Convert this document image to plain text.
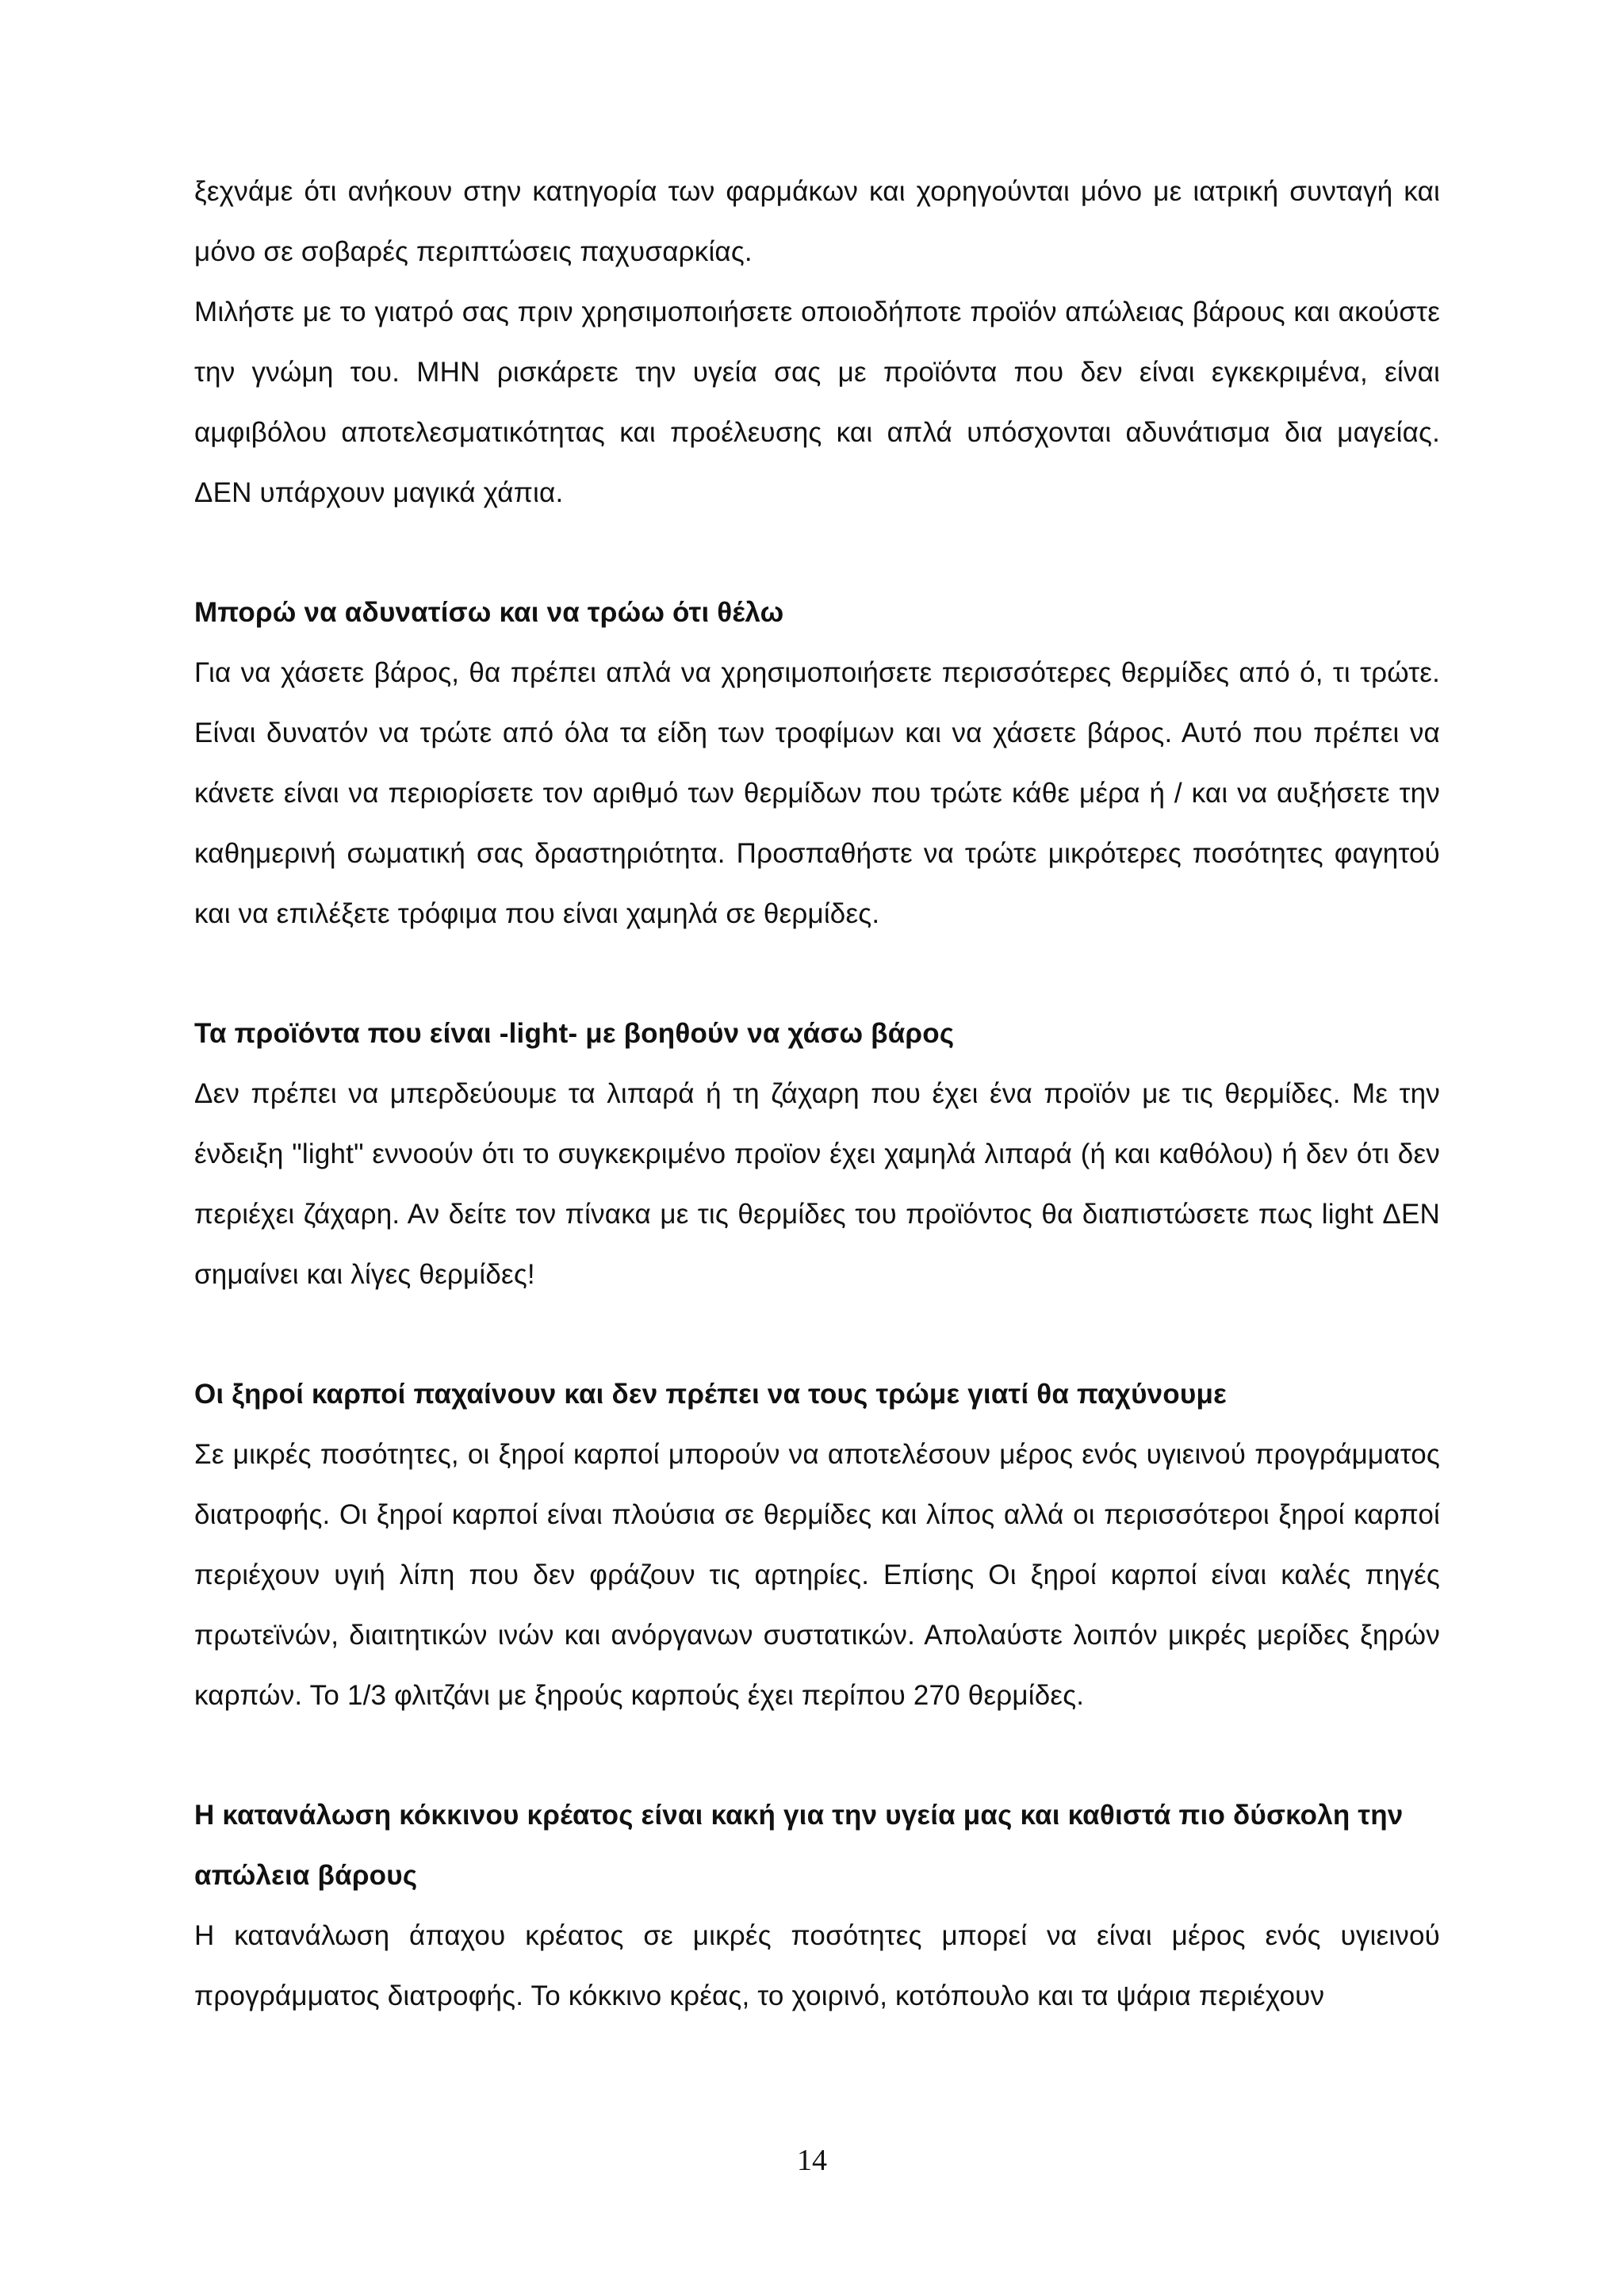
ξεχνάμε ότι ανήκουν στην κατηγορία των φαρμάκων και χορηγούνται μόνο με ιατρική συνταγή και μόνο σε σοβαρές περιπτώσεις παχυσαρκίας.

Μιλήστε με το γιατρό σας πριν χρησιμοποιήσετε οποιοδήποτε προϊόν απώλειας βάρους και ακούστε την γνώμη του. ΜΗΝ ρισκάρετε την υγεία σας με προϊόντα που δεν είναι εγκεκριμένα, είναι αμφιβόλου αποτελεσματικότητας και προέλευσης και απλά υπόσχονται αδυνάτισμα δια μαγείας. ΔΕΝ υπάρχουν μαγικά χάπια.

Μπορώ να αδυνατίσω και να τρώω ότι θέλω

Για να χάσετε βάρος, θα πρέπει απλά να χρησιμοποιήσετε περισσότερες θερμίδες από ό, τι τρώτε. Είναι δυνατόν να τρώτε από όλα τα είδη των τροφίμων και να χάσετε βάρος. Αυτό που πρέπει να κάνετε είναι να περιορίσετε τον αριθμό των θερμίδων που τρώτε κάθε μέρα ή / και να αυξήσετε την καθημερινή σωματική σας δραστηριότητα. Προσπαθήστε να τρώτε μικρότερες ποσότητες φαγητού και να επιλέξετε τρόφιμα που είναι χαμηλά σε θερμίδες.

Τα προϊόντα που είναι -light- με βοηθούν να χάσω βάρος

Δεν πρέπει να μπερδεύουμε τα λιπαρά ή τη ζάχαρη που έχει ένα προϊόν με τις θερμίδες. Με την ένδειξη "light" εννοούν ότι το συγκεκριμένο προϊον έχει χαμηλά λιπαρά (ή και καθόλου) ή δεν ότι δεν περιέχει ζάχαρη. Αν δείτε τον πίνακα με τις θερμίδες του προϊόντος θα διαπιστώσετε πως light ΔΕΝ σημαίνει και λίγες θερμίδες!

Οι ξηροί καρποί παχαίνουν και δεν πρέπει να τους τρώμε γιατί θα παχύνουμε

Σε μικρές ποσότητες, οι ξηροί καρποί μπορούν να αποτελέσουν μέρος ενός υγιεινού προγράμματος διατροφής. Οι ξηροί καρποί είναι πλούσια σε θερμίδες και λίπος αλλά οι περισσότεροι ξηροί καρποί περιέχουν υγιή λίπη που δεν φράζουν τις αρτηρίες. Επίσης Οι ξηροί καρποί είναι καλές πηγές πρωτεϊνών, διαιτητικών ινών και ανόργανων συστατικών. Απολαύστε λοιπόν μικρές μερίδες ξηρών καρπών. Το 1/3 φλιτζάνι με ξηρούς καρπούς έχει περίπου 270 θερμίδες.

Η κατανάλωση κόκκινου κρέατος είναι κακή για την υγεία μας και καθιστά πιο δύσκολη την απώλεια βάρους

Η κατανάλωση άπαχου κρέατος σε μικρές ποσότητες μπορεί να είναι μέρος ενός υγιεινού προγράμματος διατροφής. Το κόκκινο κρέας, το χοιρινό, κοτόπουλο και τα ψάρια περιέχουν

14
